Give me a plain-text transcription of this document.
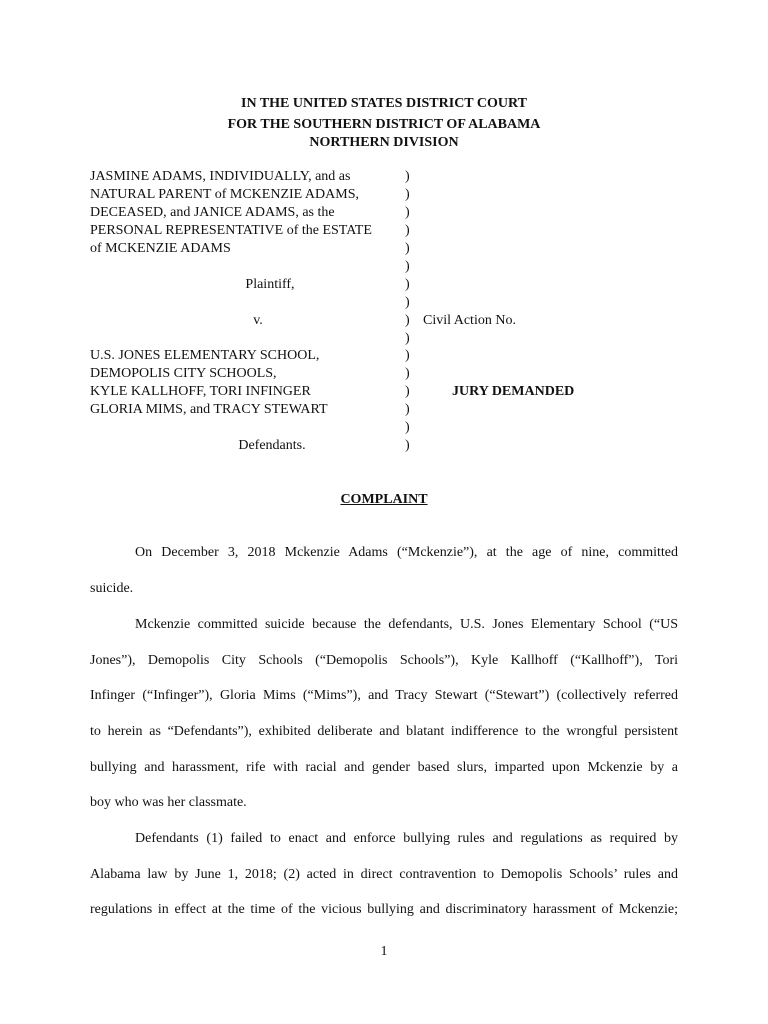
IN THE UNITED STATES DISTRICT COURT
FOR THE SOUTHERN DISTRICT OF ALABAMA
NORTHERN DIVISION
JASMINE ADAMS, INDIVIDUALLY, and as
NATURAL PARENT of MCKENZIE ADAMS,
DECEASED, and JANICE ADAMS, as the
PERSONAL REPRESENTATIVE of the ESTATE
of MCKENZIE ADAMS
Plaintiff,
v.	Civil Action No.
U.S. JONES ELEMENTARY SCHOOL,
DEMOPOLIS CITY SCHOOLS,
KYLE KALLHOFF, TORI INFINGER
GLORIA MIMS, and TRACY STEWART
JURY DEMANDED
Defendants.
)
)
)
)
)
)
)
)
)
)
)
)
)
)
)
)
COMPLAINT
On December 3, 2018 Mckenzie Adams (“Mckenzie”), at the age of nine, committed
suicide.
Mckenzie committed suicide because the defendants, U.S. Jones Elementary School (“US
Jones”), Demopolis City Schools (“Demopolis Schools”), Kyle Kallhoff (“Kallhoff”), Tori
Infinger (“Infinger”), Gloria Mims (“Mims”), and Tracy Stewart (“Stewart”) (collectively referred
to herein as “Defendants”), exhibited deliberate and blatant indifference to the wrongful persistent
bullying and harassment, rife with racial and gender based slurs, imparted upon Mckenzie by a
boy who was her classmate.
Defendants (1) failed to enact and enforce bullying rules and regulations as required by
Alabama law by June 1, 2018; (2) acted in direct contravention to Demopolis Schools’ rules and
regulations in effect at the time of the vicious bullying and discriminatory harassment of Mckenzie;
1
